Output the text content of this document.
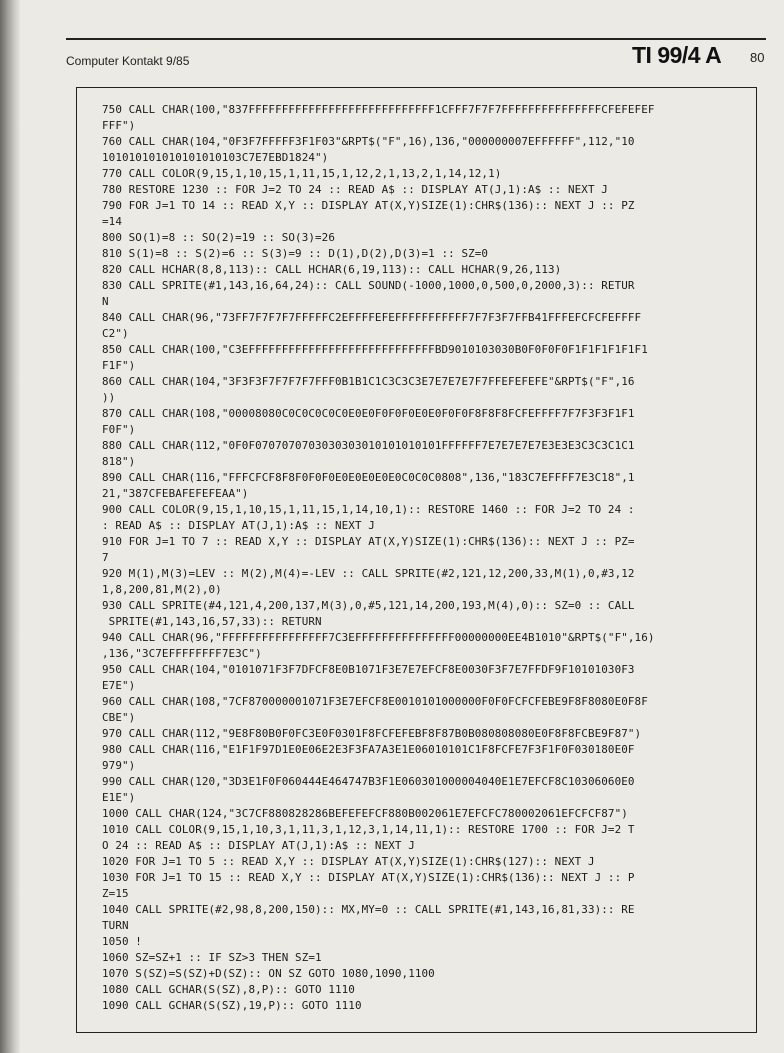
Computer Kontakt 9/85	TI 99/4 A 80
750 CALL CHAR(100,"837FFFFFFFFFFFFFFFFFFFFFFFFFFFF1CFFF7F7F7FFFFFFFFFFFFFFFCFEFEFEF
FFF")
760 CALL CHAR(104,"0F3F7FFFFF3F1F03"&RPT$("F",16),136,"000000007EFFFFFF",112,"10
101010101010101010103C7E7EBD1824")
770 CALL COLOR(9,15,1,10,15,1,11,15,1,12,2,1,13,2,1,14,12,1)
780 RESTORE 1230 :: FOR J=2 TO 24 :: READ A$ :: DISPLAY AT(J,1):A$ :: NEXT J
790 FOR J=1 TO 14 :: READ X,Y :: DISPLAY AT(X,Y)SIZE(1):CHR$(136):: NEXT J :: PZ
=14
800 SO(1)=8 :: SO(2)=19 :: SO(3)=26
810 S(1)=8 :: S(2)=6 :: S(3)=9 :: D(1),D(2),D(3)=1 :: SZ=0
820 CALL HCHAR(8,8,113):: CALL HCHAR(6,19,113):: CALL HCHAR(9,26,113)
830 CALL SPRITE(#1,143,16,64,24):: CALL SOUND(-1000,1000,0,500,0,2000,3):: RETUR
N
840 CALL CHAR(96,"73FF7F7F7F7FFFFFC2EFFFFEFEFFFFFFFFFFF7F7F3F7FFB41FFFEFCFCFEFFFF
C2")
850 CALL CHAR(100,"C3EFFFFFFFFFFFFFFFFFFFFFFFFFFFFBD9010103030B0F0F0F0F1F1F1F1F1F1
F1F")
860 CALL CHAR(104,"3F3F3F7F7F7F7FFF0B1B1C1C3C3C3E7E7E7E7F7FFEFEFEFE"&RPT$("F",16
))
870 CALL CHAR(108,"00008080C0C0C0C0C0E0E0F0F0F0E0E0F0F0F8F8F8FCFEFFFF7F7F3F3F1F1
F0F")
880 CALL CHAR(112,"0F0F0707070703030303010101010101FFFFFF7E7E7E7E7E3E3E3C3C3C1C1
818")
890 CALL CHAR(116,"FFFCFCF8F8F0F0F0E0E0E0E0E0C0C0C0808",136,"183C7EFFFF7E3C18",1
21,"387CFEBAFEFEFEAA")
900 CALL COLOR(9,15,1,10,15,1,11,15,1,14,10,1):: RESTORE 1460 :: FOR J=2 TO 24 :
: READ A$ :: DISPLAY AT(J,1):A$ :: NEXT J
910 FOR J=1 TO 7 :: READ X,Y :: DISPLAY AT(X,Y)SIZE(1):CHR$(136):: NEXT J :: PZ=
7
920 M(1),M(3)=LEV :: M(2),M(4)=-LEV :: CALL SPRITE(#2,121,12,200,33,M(1),0,#3,12
1,8,200,81,M(2),0)
930 CALL SPRITE(#4,121,4,200,137,M(3),0,#5,121,14,200,193,M(4),0):: SZ=0 :: CALL
SPRITE(#1,143,16,57,33):: RETURN
940 CALL CHAR(96,"FFFFFFFFFFFFFFFF7C3EFFFFFFFFFFFFFFF00000000EE4B1010"&RPT$("F",16)
,136,"3C7EFFFFFFFF7E3C")
950 CALL CHAR(104,"0101071F3F7DFCF8E0B1071F3E7E7EFCF8E0030F3F7E7FFDF9F10101030F3
E7E")
960 CALL CHAR(108,"7CF870000001071F3E7EFCF8E0010101000000F0F0FCFCFEBE9F8F8080E0F8F
CBE")
970 CALL CHAR(112,"9E8F80B0F0FC3E0F0301F8FCFEFEBF8F87B0B080808080E0F8F8FCBE9F87")
980 CALL CHAR(116,"E1F1F97D1E0E06E2E3F3FA7A3E1E06010101C1F8FCFE7F3F1F0F030180E0F
979")
990 CALL CHAR(120,"3D3E1F0F060444E464747B3F1E060301000004040E1E7EFCF8C10306060E0
E1E")
1000 CALL CHAR(124,"3C7CF880828286BEFEFEFCF880B002061E7EFCFC780002061EFCFCF87")
1010 CALL COLOR(9,15,1,10,3,1,11,3,1,12,3,1,14,11,1):: RESTORE 1700 :: FOR J=2 T
O 24 :: READ A$ :: DISPLAY AT(J,1):A$ :: NEXT J
1020 FOR J=1 TO 5 :: READ X,Y :: DISPLAY AT(X,Y)SIZE(1):CHR$(127):: NEXT J
1030 FOR J=1 TO 15 :: READ X,Y :: DISPLAY AT(X,Y)SIZE(1):CHR$(136):: NEXT J :: P
Z=15
1040 CALL SPRITE(#2,98,8,200,150):: MX,MY=0 :: CALL SPRITE(#1,143,16,81,33):: RE
TURN
1050 !
1060 SZ=SZ+1 :: IF SZ>3 THEN SZ=1
1070 S(SZ)=S(SZ)+D(SZ):: ON SZ GOTO 1080,1090,1100
1080 CALL GCHAR(S(SZ),8,P):: GOTO 1110
1090 CALL GCHAR(S(SZ),19,P):: GOTO 1110
